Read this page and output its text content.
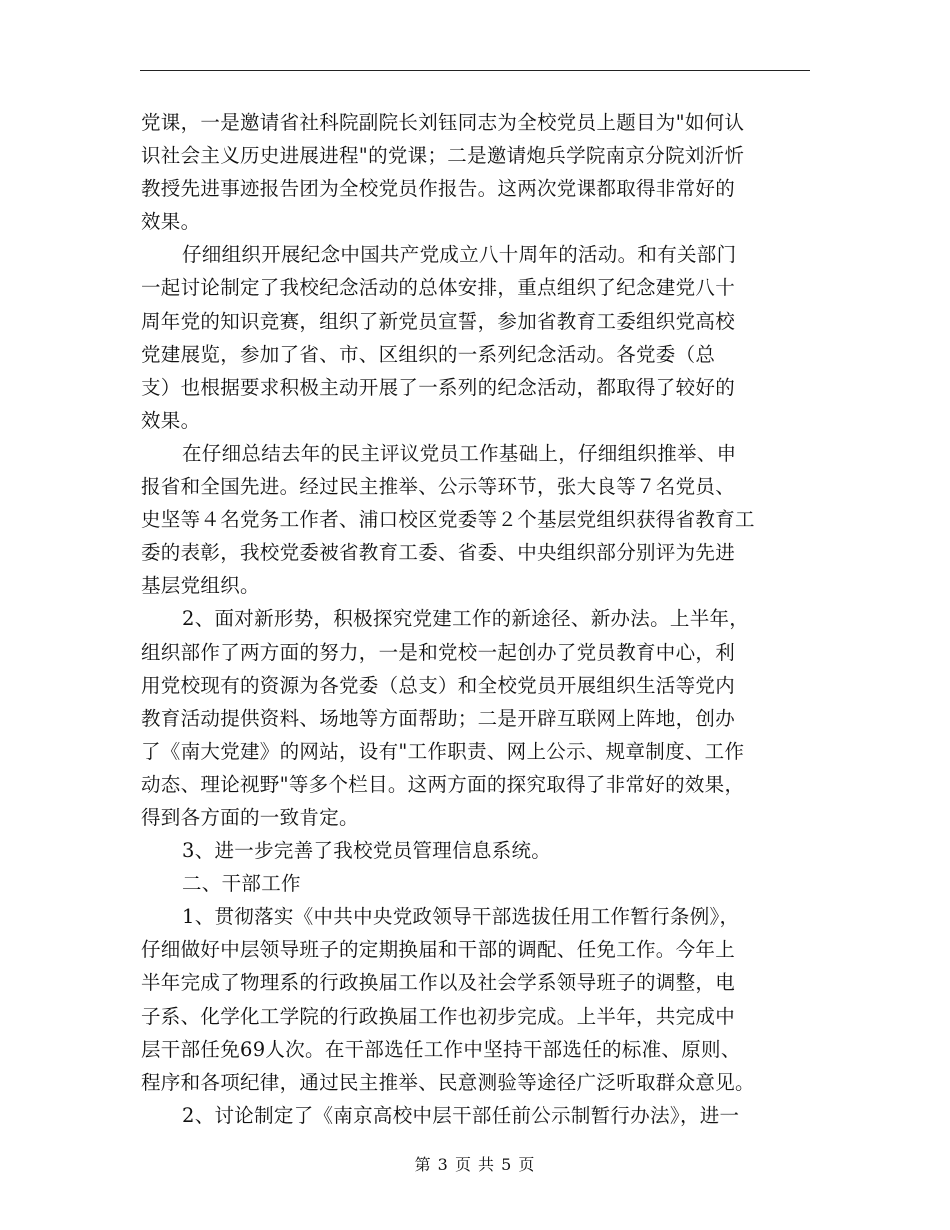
党课，一是邀请省社科院副院长刘钰同志为全校党员上题目为"如何认
识社会主义历史进展进程"的党课；二是邀请炮兵学院南京分院刘沂忻
教授先进事迹报告团为全校党员作报告。这两次党课都取得非常好的
效果。
仔细组织开展纪念中国共产党成立八十周年的活动。和有关部门
一起讨论制定了我校纪念活动的总体安排，重点组织了纪念建党八十
周年党的知识竞赛，组织了新党员宣誓，参加省教育工委组织党高校
党建展览，参加了省、市、区组织的一系列纪念活动。各党委（总
支）也根据要求积极主动开展了一系列的纪念活动，都取得了较好的
效果。
在仔细总结去年的民主评议党员工作基础上，仔细组织推举、申
报省和全国先进。经过民主推举、公示等环节，张大良等７名党员、
史坚等４名党务工作者、浦口校区党委等２个基层党组织获得省教育工
委的表彰，我校党委被省教育工委、省委、中央组织部分别评为先进
基层党组织。
2、面对新形势，积极探究党建工作的新途径、新办法。上半年，
组织部作了两方面的努力，一是和党校一起创办了党员教育中心，利
用党校现有的资源为各党委（总支）和全校党员开展组织生活等党内
教育活动提供资料、场地等方面帮助；二是开辟互联网上阵地，创办
了《南大党建》的网站，设有"工作职责、网上公示、规章制度、工作
动态、理论视野"等多个栏目。这两方面的探究取得了非常好的效果，
得到各方面的一致肯定。
3、进一步完善了我校党员管理信息系统。
二、干部工作
1、贯彻落实《中共中央党政领导干部选拔任用工作暂行条例》，
仔细做好中层领导班子的定期换届和干部的调配、任免工作。今年上
半年完成了物理系的行政换届工作以及社会学系领导班子的调整，电
子系、化学化工学院的行政换届工作也初步完成。上半年，共完成中
层干部任免69人次。在干部选任工作中坚持干部选任的标准、原则、
程序和各项纪律，通过民主推举、民意测验等途径广泛听取群众意见。
2、讨论制定了《南京高校中层干部任前公示制暂行办法》，进一
第 3 页 共 5 页
